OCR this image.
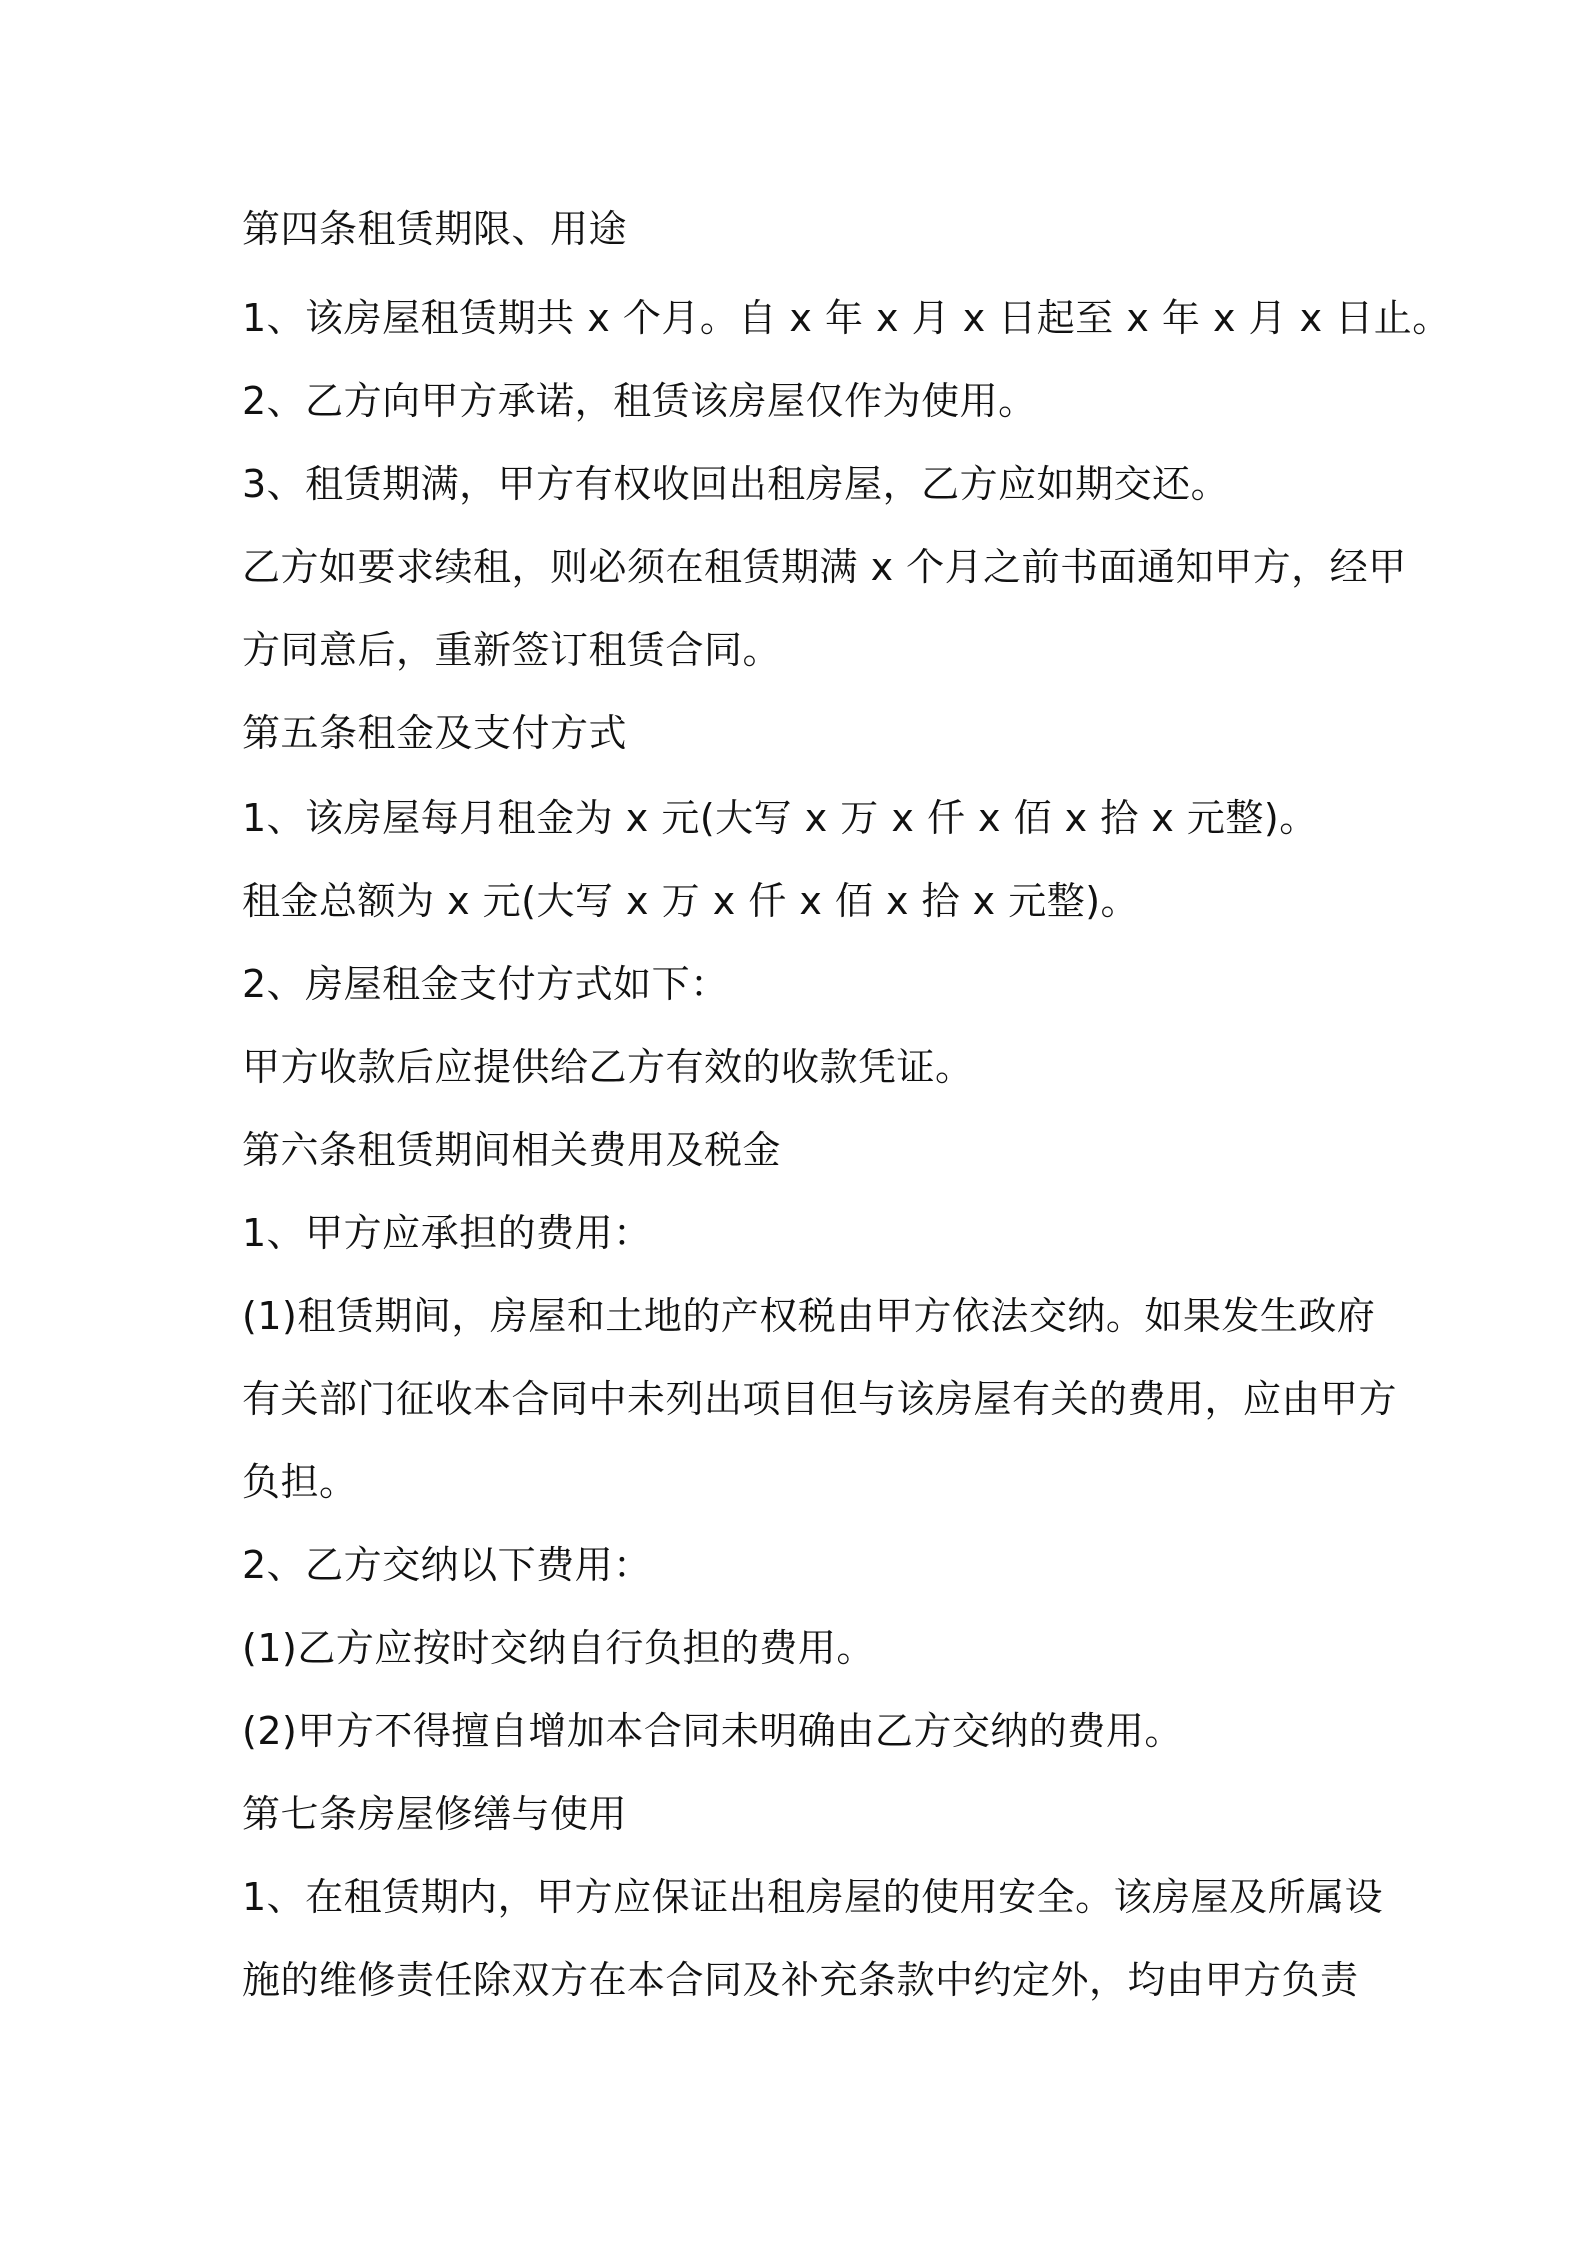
第四条租赁期限、用途
1、该房屋租赁期共 x 个月。自 x 年 x 月 x 日起至 x 年 x 月 x 日止。
2、乙方向甲方承诺，租赁该房屋仅作为使用。
3、租赁期满，甲方有权收回出租房屋，乙方应如期交还。
乙方如要求续租，则必须在租赁期满 x 个月之前书面通知甲方，经甲
方同意后，重新签订租赁合同。
第五条租金及支付方式
1、该房屋每月租金为 x 元(大写 x 万 x 仟 x 佰 x 拾 x 元整)。
租金总额为 x 元(大写 x 万 x 仟 x 佰 x 拾 x 元整)。
2、房屋租金支付方式如下：
甲方收款后应提供给乙方有效的收款凭证。
第六条租赁期间相关费用及税金
1、甲方应承担的费用：
(1)租赁期间，房屋和土地的产权税由甲方依法交纳。如果发生政府
有关部门征收本合同中未列出项目但与该房屋有关的费用，应由甲方
负担。
2、乙方交纳以下费用：
(1)乙方应按时交纳自行负担的费用。
(2)甲方不得擅自增加本合同未明确由乙方交纳的费用。
第七条房屋修缮与使用
1、在租赁期内，甲方应保证出租房屋的使用安全。该房屋及所属设
施的维修责任除双方在本合同及补充条款中约定外，均由甲方负责
